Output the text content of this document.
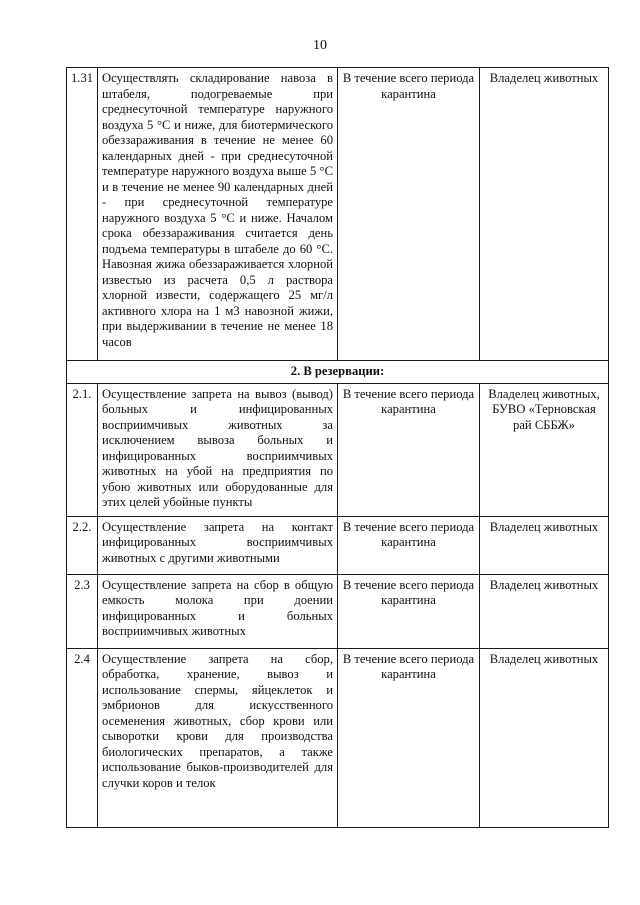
10
1.31	Осуществлять складирование навоза в штабеля, подогреваемые при среднесуточной температуре наружного воздуха 5 °С и ниже, для биотермического обеззараживания в течение не менее 60 календарных дней - при среднесуточной температуре наружного воздуха выше 5 °С и в течение не менее 90 календарных дней - при среднесуточной температуре наружного воздуха 5 °С и ниже. Началом срока обеззараживания считается день подъема температуры в штабеле до 60 °С. Навозная жижа обеззараживается хлорной известью из расчета 0,5 л раствора хлорной извести, содержащего 25 мг/л активного хлора на 1 м3 навозной жижи, при выдерживании в течение не менее 18 часов	В течение всего периода карантина	Владелец животных
2. В резервации:			
2.1.	Осуществление запрета на вывоз (вывод) больных и инфицированных восприимчивых животных за исключением вывоза больных и инфицированных восприимчивых животных на убой на предприятия по убою животных или оборудованные для этих целей убойные пункты	В течение всего периода карантина	Владелец животных, БУВО «Терновская рай СББЖ»
2.2.	Осуществление запрета на контакт инфицированных восприимчивых животных с другими животными	В течение всего периода карантина	Владелец животных
2.3	Осуществление запрета на сбор в общую емкость молока при доении инфицированных и больных восприимчивых животных	В течение всего периода карантина	Владелец животных
2.4	Осуществление запрета на сбор, обработка, хранение, вывоз и использование спермы, яйцеклеток и эмбрионов для искусственного осеменения животных, сбор крови или сыворотки крови для производства биологических препаратов, а также использование быков-производителей для случки коров и телок	В течение всего периода карантина	Владелец животных
